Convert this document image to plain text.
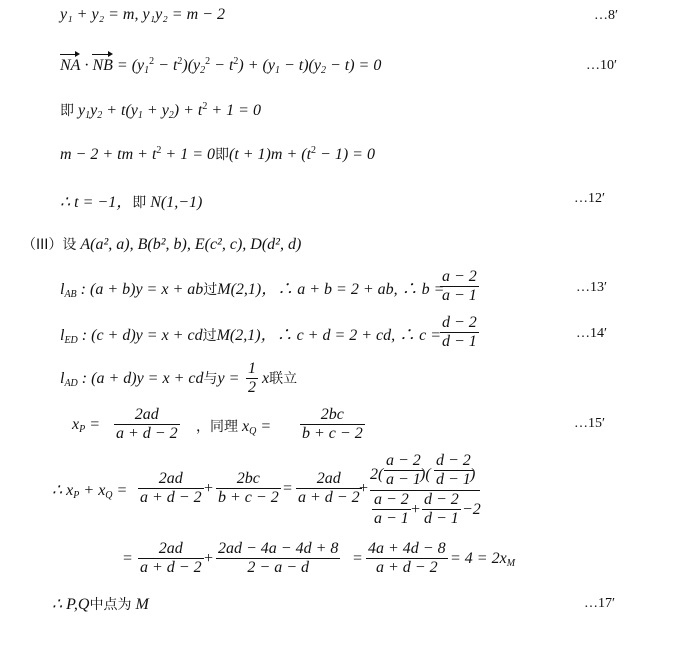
y₁ + y₂ = m, y₁y₂ = m − 2	…8′
NA · NB = $(y_1^2 - t^2)(y_2^2 - t^2) + (y_1 - t)(y_2 - t) = 0$	…10′
即 $y_1y_2 + t(y_1 + y_2) + t^2 + 1 = 0$
m − 2 + tm + $t^2 + 1 = 0$即$(t + 1)m + (t^2 - 1) = 0$
∴ t = −1，即 N(1,−1)	…12′
（III）设 A(a², a), B(b², b), E(c², c), D(d², d)
$l_{AB}$ : (a + b)y = x + ab过M(2,1)，∴ a + b = 2 + ab, ∴ b =
$\frac{a - 2}{a - 1}$	…13′
$l_{ED}$ : (c + d)y = x + cd过M(2,1)，∴ c + d = 2 + cd, ∴ c =
$\frac{d - 2}{d - 1}$	…14′
$l_{AD}$ : (a + d)y = x + cd与$y = \frac{1}{2}$ x联立
$x_P = \frac{2ad}{a + d - 2}$ ，同理 $x_Q = \frac{2bc}{b + c - 2}$	…15′
∴ $x_P + x_Q = \frac{2ad}{a + d - 2} + \frac{2bc}{b + c - 2} = \frac{2ad}{a + d - 2}$
+
$2( \frac{a - 2}{a - 1}$
)( $\frac{d - 2}{d - 1}$
)
$\frac{a - 2}{a - 1} + \frac{d - 2}{d - 1} -2$
= $\frac{2ad}{a + d - 2} + \frac{2ad - 4a - 4d + 8}{2 - a - d} = \frac{4a + 4d - 8}{a + d - 2} = 4 = 2x_M$
∴ P,Q中点为 M	…17′
